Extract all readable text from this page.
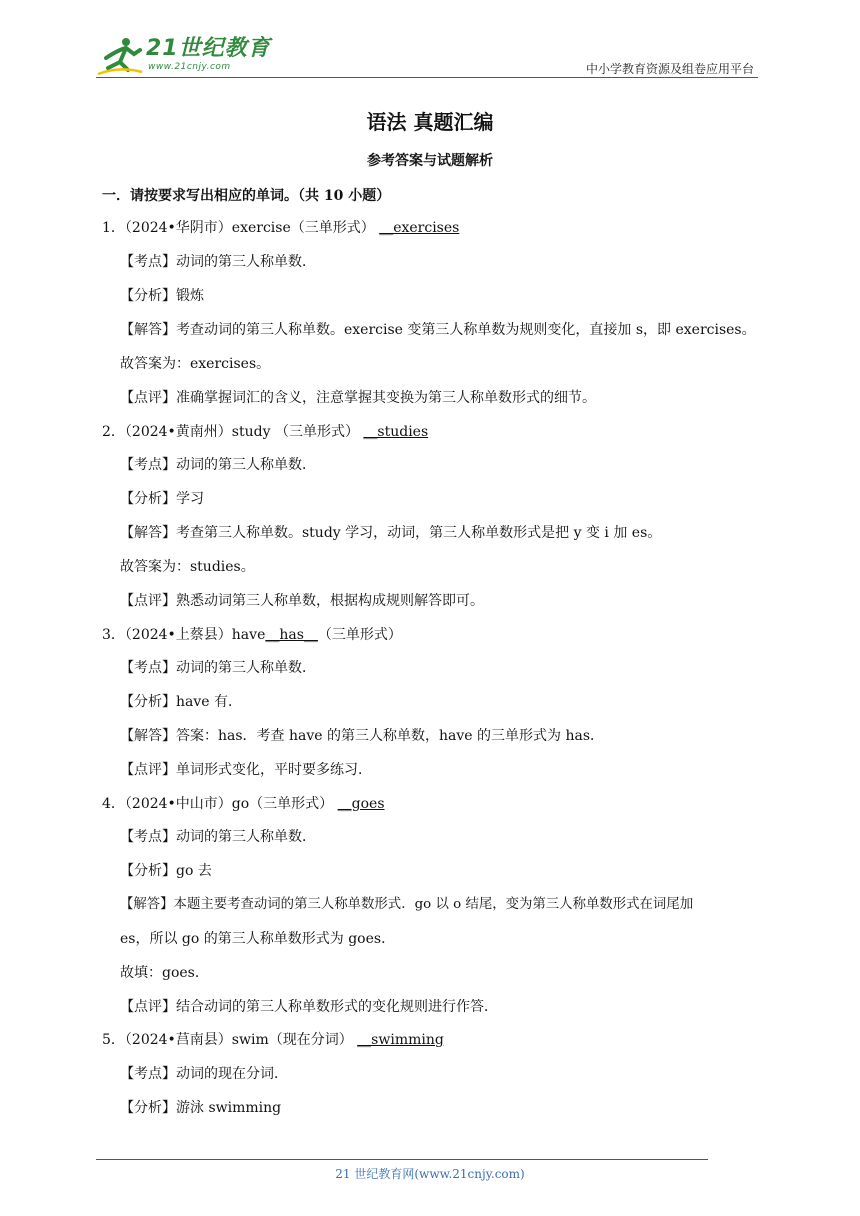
21世纪教育
www.21cnjy.com	中小学教育资源及组卷应用平台
语法 真题汇编
参考答案与试题解析
一．请按要求写出相应的单词。（共 10 小题）
1．（2024•华阴市）exercise（三单形式） __exercises
【考点】动词的第三人称单数．
【分析】锻炼
【解答】考查动词的第三人称单数。exercise 变第三人称单数为规则变化，直接加 s，即 exercises。
故答案为：exercises。
【点评】准确掌握词汇的含义，注意掌握其变换为第三人称单数形式的细节。
2．（2024•黄南州）study （三单形式） __studies
【考点】动词的第三人称单数．
【分析】学习
【解答】考查第三人称单数。study 学习，动词，第三人称单数形式是把 y 变 i 加 es。
故答案为：studies。
【点评】熟悉动词第三人称单数，根据构成规则解答即可。
3．（2024•上蔡县）have__has__（三单形式）
【考点】动词的第三人称单数．
【分析】have 有．
【解答】答案：has．考查 have 的第三人称单数，have 的三单形式为 has．
【点评】单词形式变化，平时要多练习．
4．（2024•中山市）go（三单形式） __goes
【考点】动词的第三人称单数．
【分析】go 去
【解答】本题主要考查动词的第三人称单数形式．go 以 o 结尾，变为第三人称单数形式在词尾加
es，所以 go 的第三人称单数形式为 goes．
故填：goes．
【点评】结合动词的第三人称单数形式的变化规则进行作答．
5．（2024•莒南县）swim（现在分词） __swimming
【考点】动词的现在分词．
【分析】游泳 swimming
21 世纪教育网(www.21cnjy.com)
